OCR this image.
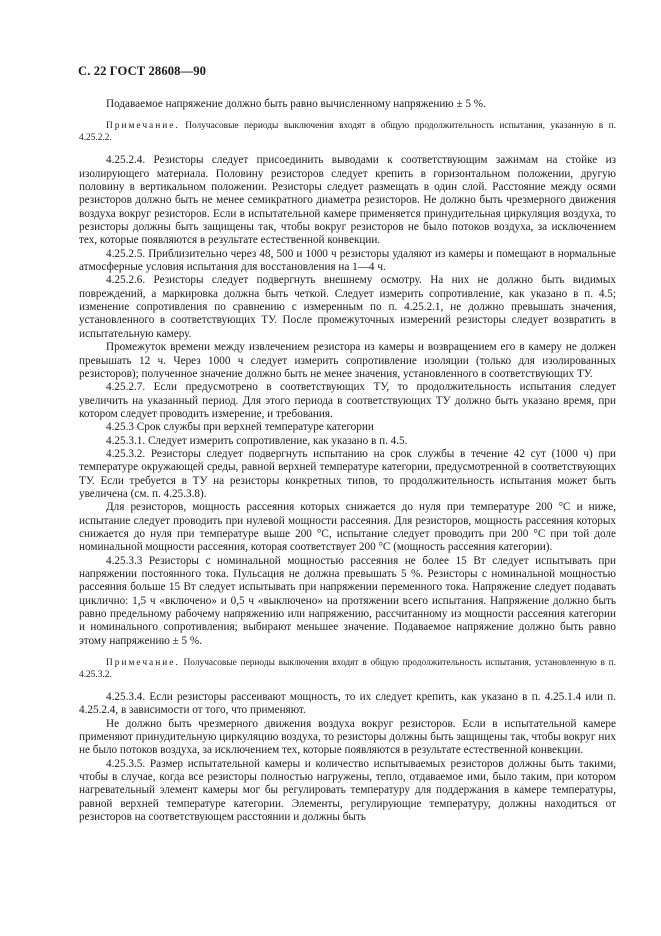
С. 22 ГОСТ 28608—90

Подаваемое напряжение должно быть равно вычисленному напряжению ± 5 %.

Примечание. Получасовые периоды выключения входят в общую продолжительность испытания, указанную в п. 4.25.2.2.

4.25.2.4. Резисторы следует присоединить выводами к соответствующим зажимам на стойке из изолирующего материала. Половину резисторов следует крепить в горизонтальном положении, другую половину в вертикальном положении. Резисторы следует размещать в один слой. Расстояние между осями резисторов должно быть не менее семикратного диаметра резисторов. Не должно быть чрезмерного движения воздуха вокруг резисторов. Если в испытательной камере применяется принудительная циркуляция воздуха, то резисторы должны быть защищены так, чтобы вокруг резисторов не было потоков воздуха, за исключением тех, которые появляются в результате естественной конвекции.

4.25.2.5. Приблизительно через 48, 500 и 1000 ч резисторы удаляют из камеры и помещают в нормальные атмосферные условия испытания для восстановления на 1—4 ч.

4.25.2.6. Резисторы следует подвергнуть внешнему осмотру. На них не должно быть видимых повреждений, а маркировка должна быть четкой. Следует измерить сопротивление, как указано в п. 4.5; изменение сопротивления по сравнению с измеренным по п. 4.25.2.1, не должно превышать значения, установленного в соответствующих ТУ. После промежуточных измерений резисторы следует возвратить в испытательную камеру.

Промежуток времени между извлечением резистора из камеры и возвращением его в камеру не должен превышать 12 ч. Через 1000 ч следует измерить сопротивление изоляции (только для изолированных резисторов); полученное значение должно быть не менее значения, установленного в соответствующих ТУ.

4.25.2.7. Если предусмотрено в соответствующих ТУ, то продолжительность испытания следует увеличить на указанный период. Для этого периода в соответствующих ТУ должно быть указано время, при котором следует проводить измерение, и требования.

4.25.3 Срок службы при верхней температуре категории

4.25.3.1. Следует измерить сопротивление, как указано в п. 4.5.

4.25.3.2. Резисторы следует подвергнуть испытанию на срок службы в течение 42 сут (1000 ч) при температуре окружающей среды, равной верхней температуре категории, предусмотренной в соответствующих ТУ. Если требуется в ТУ на резисторы конкретных типов, то продолжительность испытания может быть увеличена (см. п. 4.25.3.8).

Для резисторов, мощность рассеяния которых снижается до нуля при температуре 200 °С и ниже, испытание следует проводить при нулевой мощности рассеяния. Для резисторов, мощность рассеяния которых снижается до нуля при температуре выше 200 °С, испытание следует проводить при 200 °С при той доле номинальной мощности рассеяния, которая соответствует 200 °С (мощность рассеяния категории).

4.25.3.3 Резисторы с номинальной мощностью рассеяния не более 15 Вт следует испытывать при напряжении постоянного тока. Пульсация не должна превышать 5 %. Резисторы с номинальной мощностью рассеяния больше 15 Вт следует испытывать при напряжении переменного тока. Напряжение следует подавать циклично: 1,5 ч «включено» и 0,5 ч «выключено» на протяжении всего испытания. Напряжение должно быть равно предельному рабочему напряжению или напряжению, рассчитанному из мощности рассеяния категории и номинального сопротивления; выбирают меньшее значение. Подаваемое напряжение должно быть равно этому напряжению ± 5 %.

Примечание. Получасовые периоды выключения входят в общую продолжительность испытания, установленную в п. 4.25.3.2.

4.25.3.4. Если резисторы рассеивают мощность, то их следует крепить, как указано в п. 4.25.1.4 или п. 4.25.2.4, в зависимости от того, что применяют.

Не должно быть чрезмерного движения воздуха вокруг резисторов. Если в испытательной камере применяют принудительную циркуляцию воздуха, то резисторы должны быть защищены так, чтобы вокруг них не было потоков воздуха, за исключением тех, которые появляются в результате естественной конвекции.

4.25.3.5. Размер испытательной камеры и количество испытываемых резисторов должны быть такими, чтобы в случае, когда все резисторы полностью нагружены, тепло, отдаваемое ими, было таким, при котором нагревательный элемент камеры мог бы регулировать температуру для поддержания в камере температуры, равной верхней температуре категории. Элементы, регулирующие температуру, должны находиться от резисторов на соответствующем расстоянии и должны быть
